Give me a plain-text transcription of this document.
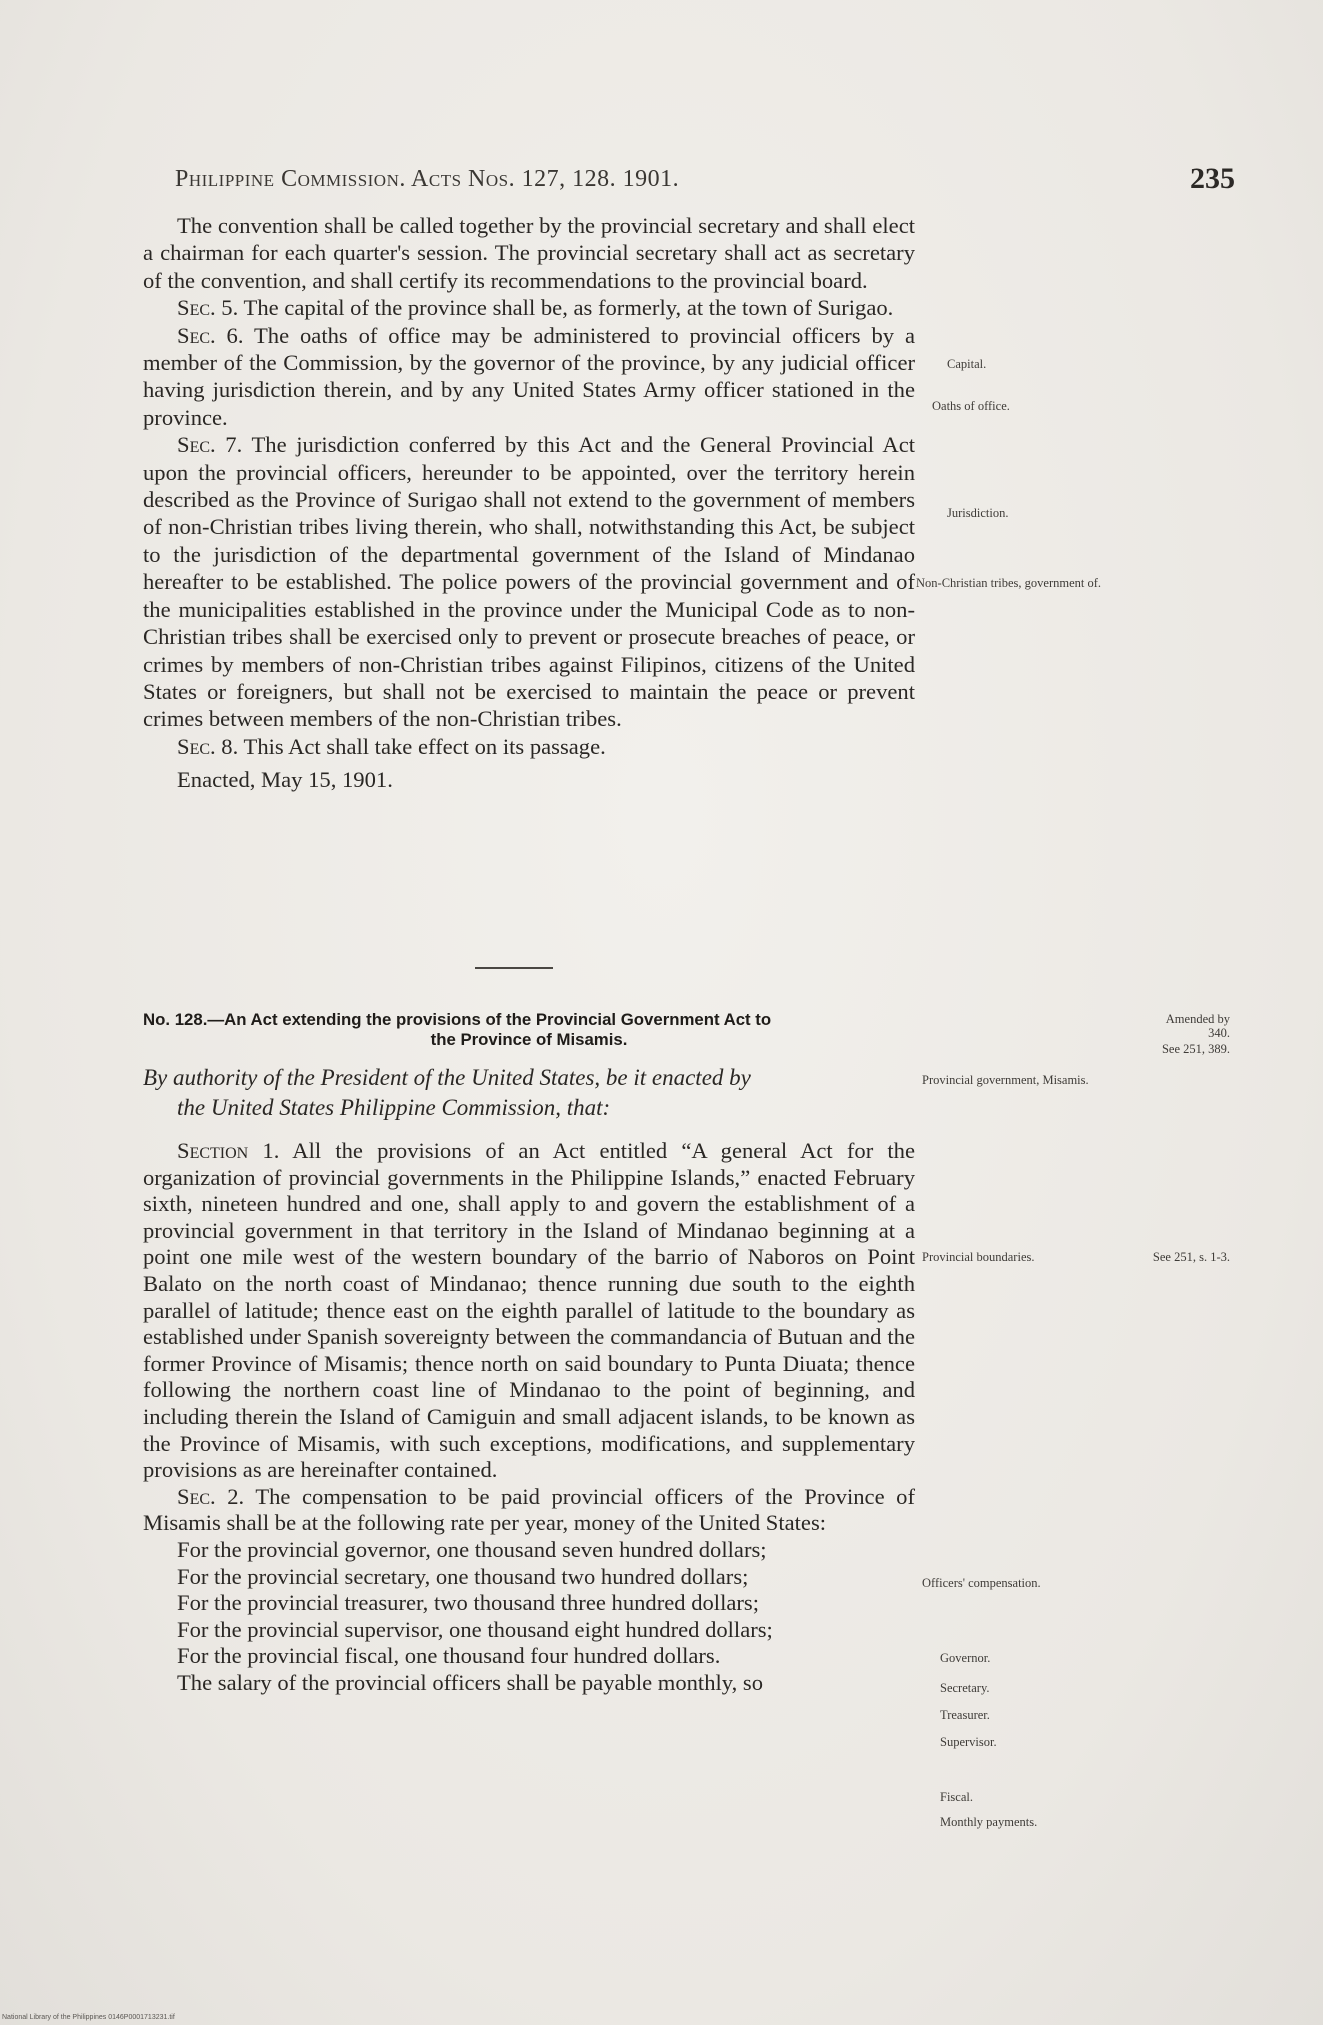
Philippine Commission. Acts Nos. 127, 128. 1901.	235

The convention shall be called together by the provincial secretary and shall elect a chairman for each quarter's session. The provincial secretary shall act as secretary of the convention, and shall certify its recommendations to the provincial board.

Sec. 5. The capital of the province shall be, as formerly, at the town of Surigao.

Sec. 6. The oaths of office may be administered to provincial officers by a member of the Commission, by the governor of the province, by any judicial officer having jurisdiction therein, and by any United States Army officer stationed in the province.

Sec. 7. The jurisdiction conferred by this Act and the General Provincial Act upon the provincial officers, hereunder to be appointed, over the territory herein described as the Province of Surigao shall not extend to the government of members of non-Christian tribes living therein, who shall, notwithstanding this Act, be subject to the jurisdiction of the departmental government of the Island of Mindanao hereafter to be established. The police powers of the provincial government and of the municipalities established in the province under the Municipal Code as to non-Christian tribes shall be exercised only to prevent or prosecute breaches of peace, or crimes by members of non-Christian tribes against Filipinos, citizens of the United States or foreigners, but shall not be exercised to maintain the peace or prevent crimes between members of the non-Christian tribes.

Sec. 8. This Act shall take effect on its passage.

Enacted, May 15, 1901.

No. 128.—An Act extending the provisions of the Provincial Government Act to
the Province of Misamis.
By authority of the President of the United States, be it enacted by
the United States Philippine Commission, that:

Section 1. All the provisions of an Act entitled “A general Act for the organization of provincial governments in the Philippine Islands,” enacted February sixth, nineteen hundred and one, shall apply to and govern the establishment of a provincial government in that territory in the Island of Mindanao beginning at a point one mile west of the western boundary of the barrio of Naboros on Point Balato on the north coast of Mindanao; thence running due south to the eighth parallel of latitude; thence east on the eighth parallel of latitude to the boundary as established under Spanish sovereignty between the commandancia of Butuan and the former Province of Misamis; thence north on said boundary to Punta Diuata; thence following the northern coast line of Mindanao to the point of beginning, and including therein the Island of Camiguin and small adjacent islands, to be known as the Province of Misamis, with such exceptions, modifications, and supplementary provisions as are hereinafter contained.

Sec. 2. The compensation to be paid provincial officers of the Province of Misamis shall be at the following rate per year, money of the United States:

For the provincial governor, one thousand seven hundred dollars;

For the provincial secretary, one thousand two hundred dollars;

For the provincial treasurer, two thousand three hundred dollars;

For the provincial supervisor, one thousand eight hundred dollars;

For the provincial fiscal, one thousand four hundred dollars.

The salary of the provincial officers shall be payable monthly, so

Capital.
Oaths of office.
Jurisdiction.
Non-Christian tribes, government of.
Amended by 340.
See 251, 389.
Provincial government, Misamis.
Provincial boundaries.	See 251, s. 1-3.
Officers' compensation.
Governor.
Secretary.
Treasurer.
Supervisor.
Fiscal.
Monthly payments.
National Library of the Philippines 0146P0001713231.tif
